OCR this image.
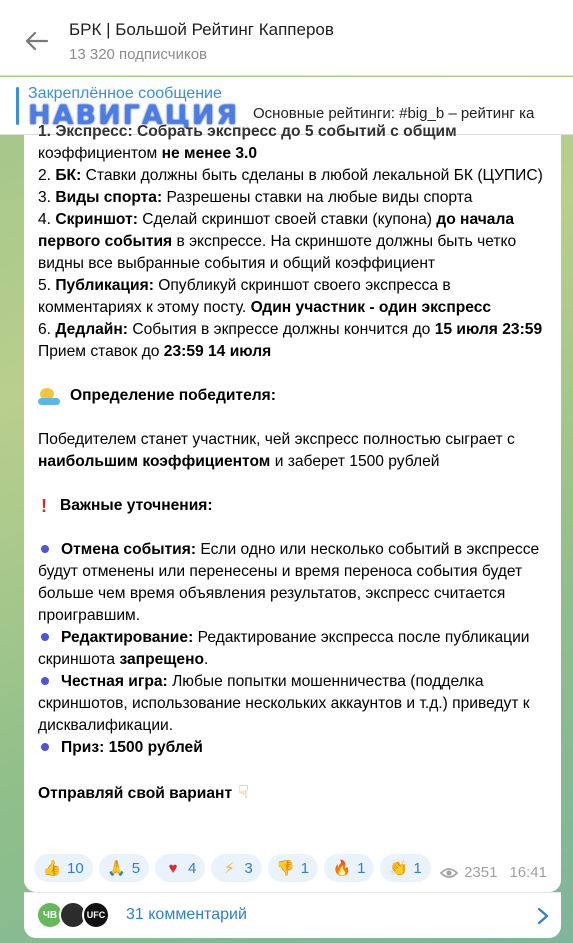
БРК | Большой Рейтинг Капперов
13 320 подписчиков
Закреплённое сообщение
НАВИГАЦИЯ Основные рейтинги: #big_b – рейтинг ка

1. Экспресс: Собрать экспресс до 5 событий с общим

коэффициентом не менее 3.0

2. БК: Ставки должны быть сделаны в любой лекальной БК (ЦУПИС)

3. Виды спорта: Разрешены ставки на любые виды спорта

4. Скриншот: Сделай скриншот своей ставки (купона) до начала первого события в экспрессе. На скриншоте должны быть четко видны все выбранные события и общий коэффициент

5. Публикация: Опубликуй скриншот своего экспресса в комментариях к этому посту. Один участник - один экспресс

6. Дедлайн: События в экпрессе должны кончится до 15 июля 23:59

Прием ставок до 23:59 14 июля

Определение победителя:

Победителем станет участник, чей экспресс полностью сыграет с наибольшим коэффициентом и заберет 1500 рублей

! Важные уточнения:

Отмена события: Если одно или несколько событий в экспрессе будут отменены или перенесены и время переноса события будет больше чем время объявления результатов, экспресс считается проигравшим.

Редактирование: Редактирование экспресса после публикации скриншота запрещено.

Честная игра: Любые попытки мошенничества (подделка скриншотов, использование нескольких аккаунтов и т.д.) приведут к дисквалификации.

Приз: 1500 рублей

Отправляй свой вариант ☟

👍 10 🙏 5	♥ 4	⚡ 3 👎 1 🔥 1 👏 1	2351 16:41
ЧВ	UFC 31 комментарий
